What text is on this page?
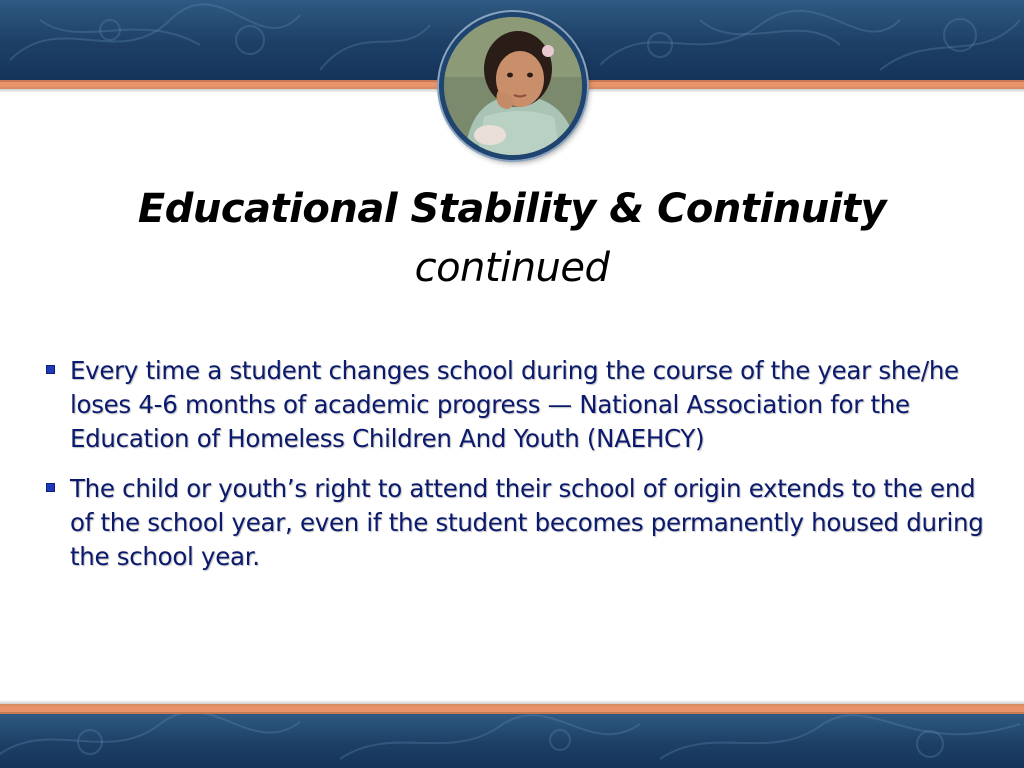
Educational Stability & Continuity
continued
Every time a student changes school during the course of the year she/he loses 4-6 months of academic progress — National Association for the Education of Homeless Children And Youth (NAEHCY)
The child or youth’s right to attend their school of origin extends to the end of the school year, even if the student becomes permanently housed during the school year.
